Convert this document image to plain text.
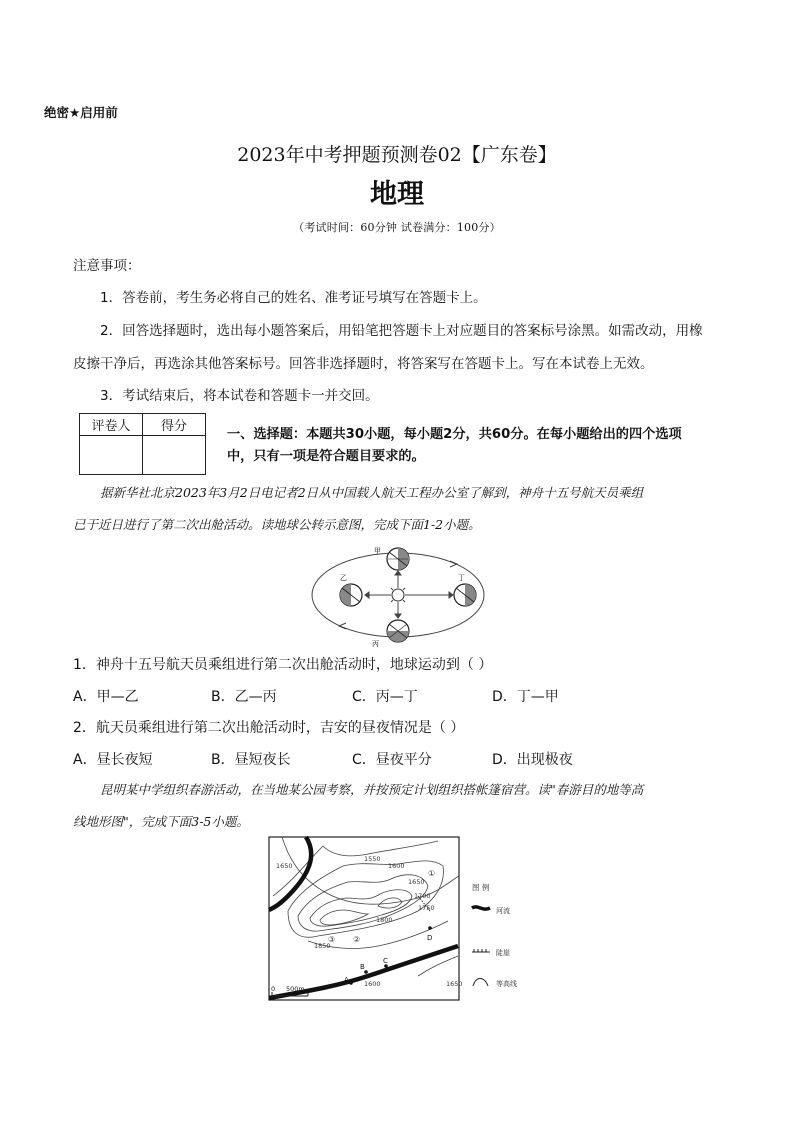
绝密★启用前
2023年中考押题预测卷02【广东卷】
地理
（考试时间：60分钟 试卷满分：100分）
注意事项：
1．答卷前，考生务必将自己的姓名、准考证号填写在答题卡上。
2．回答选择题时，选出每小题答案后，用铅笔把答题卡上对应题目的答案标号涂黑。如需改动，用橡
皮擦干净后，再选涂其他答案标号。回答非选择题时，将答案写在答题卡上。写在本试卷上无效。
3．考试结束后，将本试卷和答题卡一并交回。
评卷人	得分

一、选择题：本题共30小题，每小题2分，共60分。在每小题给出的四个选项
中，只有一项是符合题目要求的。
据新华社北京2023年3月2日电记者2日从中国载人航天工程办公室了解到，神舟十五号航天员乘组
已于近日进行了第二次出舱活动。读地球公转示意图，完成下面1-2小题。
甲
乙
丙
丁
1．神舟十五号航天员乘组进行第二次出舱活动时，地球运动到（ ）
A．甲—乙	B．乙—丙	C．丙—丁	D．丁—甲
2．航天员乘组进行第二次出舱活动时，吉安的昼夜情况是（ ）
A．昼长夜短	B．昼短夜长	C．昼夜平分	D．出现极夜
昆明某中学组织春游活动，在当地某公园考察，并按预定计划组织搭帐篷宿营。读"春游目的地等高
线地形图"，完成下面3-5小题。
1650
1550
1600
1650
1700
1750
1800
1850
1600	1650
①
②
③
A
B
C
D
0 500m
图 例
河流
陡崖
等高线
